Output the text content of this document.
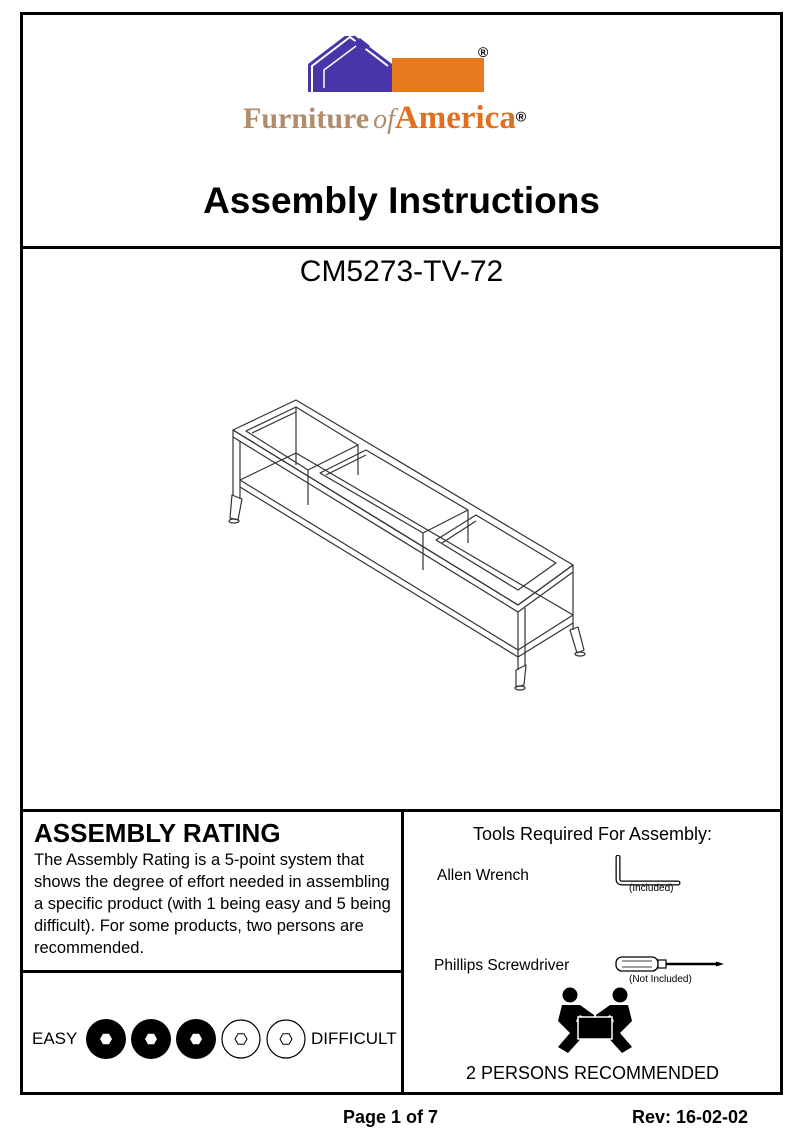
®
Furniture ofAmerica®
Assembly Instructions
CM5273-TV-72
ASSEMBLY RATING
The Assembly Rating is a 5-point system that shows the degree of effort needed in assembling a specific product (with 1 being easy and 5 being difficult). For some products, two persons are recommended.
EASY	DIFFICULT
Tools Required For Assembly:
Allen Wrench
(Included)
Phillips Screwdriver
(Not Included)
2 PERSONS RECOMMENDED
Page 1 of 7	Rev: 16-02-02
